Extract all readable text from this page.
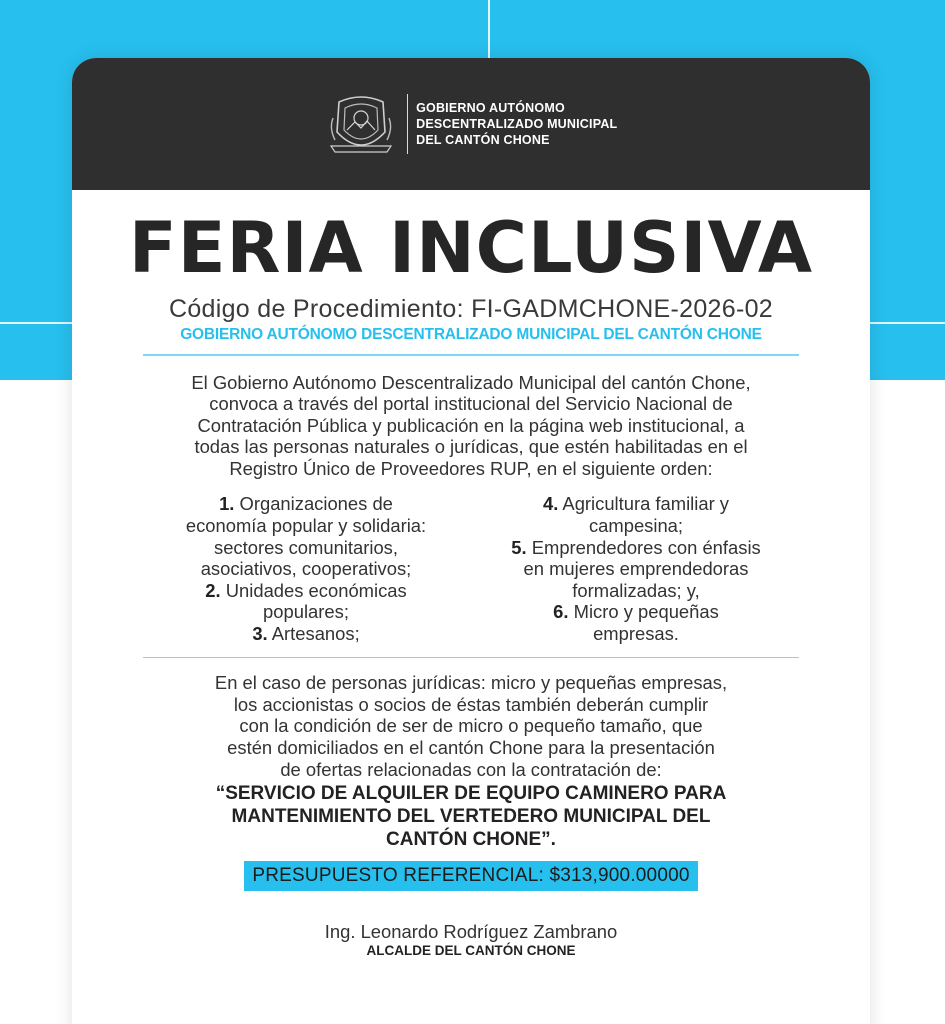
GOBIERNO AUTÓNOMO
DESCENTRALIZADO MUNICIPAL
DEL CANTÓN CHONE
FERIA INCLUSIVA
Código de Procedimiento: FI-GADMCHONE-2026-02
GOBIERNO AUTÓNOMO DESCENTRALIZADO MUNICIPAL DEL CANTÓN CHONE
El Gobierno Autónomo Descentralizado Municipal del cantón Chone,
convoca a través del portal institucional del Servicio Nacional de
Contratación Pública y publicación en la página web institucional, a
todas las personas naturales o jurídicas, que estén habilitadas en el
Registro Único de Proveedores RUP, en el siguiente orden:
1. Organizaciones de
economía popular y solidaria:
sectores comunitarios,
asociativos, cooperativos;
2. Unidades económicas
populares;
3. Artesanos;
4. Agricultura familiar y
campesina;
5. Emprendedores con énfasis
en mujeres emprendedoras
formalizadas; y,
6. Micro y pequeñas
empresas.
En el caso de personas jurídicas: micro y pequeñas empresas,
los accionistas o socios de éstas también deberán cumplir
con la condición de ser de micro o pequeño tamaño, que
estén domiciliados en el cantón Chone para la presentación
de ofertas relacionadas con la contratación de:
“SERVICIO DE ALQUILER DE EQUIPO CAMINERO PARA
MANTENIMIENTO DEL VERTEDERO MUNICIPAL DEL
CANTÓN CHONE”.
PRESUPUESTO REFERENCIAL: $313,900.00000
Ing. Leonardo Rodríguez Zambrano
ALCALDE DEL CANTÓN CHONE
